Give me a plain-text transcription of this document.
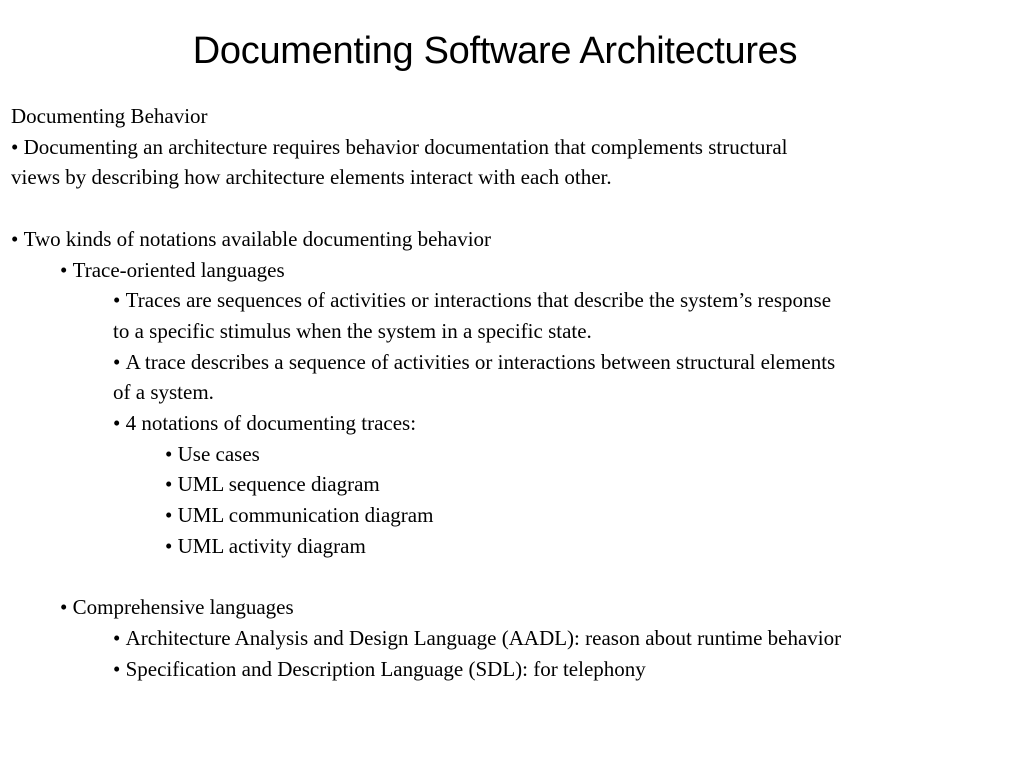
Documenting Software Architectures

Documenting Behavior

• Documenting an architecture requires behavior documentation that complements structural

views by describing how architecture elements interact with each other.

• Two kinds of notations available documenting behavior

• Trace-oriented languages

• Traces are sequences of activities or interactions that describe the system’s response

to a specific stimulus when the system in a specific state.

• A trace describes a sequence of activities or interactions between structural elements

of a system.

• 4 notations of documenting traces:

• Use cases

• UML sequence diagram

• UML communication diagram

• UML activity diagram

• Comprehensive languages

• Architecture Analysis and Design Language (AADL): reason about runtime behavior

• Specification and Description Language (SDL): for telephony
